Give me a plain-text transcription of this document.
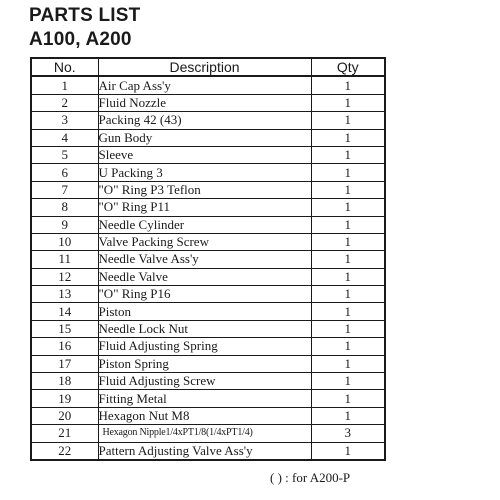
PARTS LIST
A100, A200
No.	Description	Qty
1	Air Cap Ass'y	1
2	Fluid Nozzle	1
3	Packing 42 (43)	1
4	Gun Body	1
5	Sleeve	1
6	U Packing 3	1
7	"O" Ring P3 Teflon	1
8	"O" Ring P11	1
9	Needle Cylinder	1
10	Valve Packing Screw	1
11	Needle Valve Ass'y	1
12	Needle Valve	1
13	"O" Ring P16	1
14	Piston	1
15	Needle Lock Nut	1
16	Fluid Adjusting Spring	1
17	Piston Spring	1
18	Fluid Adjusting Screw	1
19	Fitting Metal	1
20	Hexagon Nut M8	1
21	Hexagon Nipple1/4xPT1/8(1/4xPT1/4)	3
22	Pattern Adjusting Valve Ass'y	1
( ) : for A200-P
